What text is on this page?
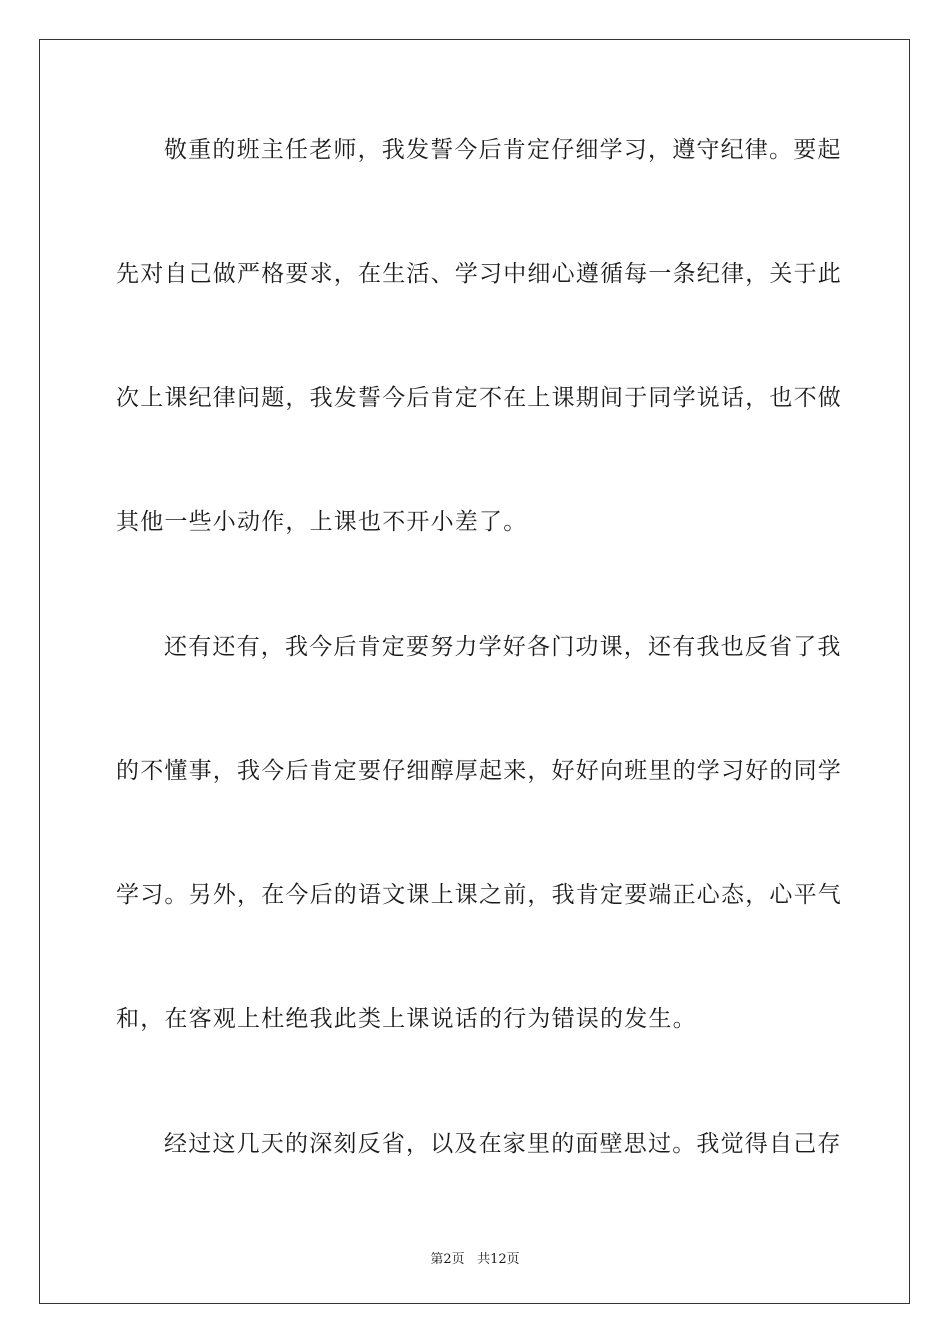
敬重的班主任老师，我发誓今后肯定仔细学习，遵守纪律。要起
先对自己做严格要求，在生活、学习中细心遵循每一条纪律，关于此
次上课纪律问题，我发誓今后肯定不在上课期间于同学说话，也不做
其他一些小动作，上课也不开小差了。
还有还有，我今后肯定要努力学好各门功课，还有我也反省了我
的不懂事，我今后肯定要仔细醇厚起来，好好向班里的学习好的同学
学习。另外，在今后的语文课上课之前，我肯定要端正心态，心平气
和，在客观上杜绝我此类上课说话的行为错误的发生。
经过这几天的深刻反省，以及在家里的面壁思过。我觉得自己存
第2页 共12页
